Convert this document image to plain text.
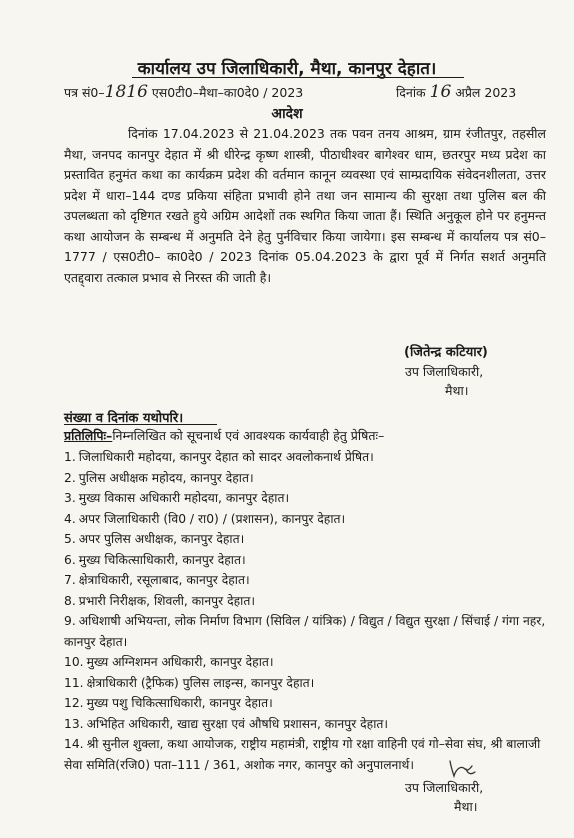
कार्यालय उप जिलाधिकारी, मैथा, कानपुर देहात।
पत्र सं0–1816 एस0टी0–मैथा–का0दे0 / 2023	दिनांक 16 अप्रैल 2023
आदेश

दिनांक 17.04.2023 से 21.04.2023 तक पवन तनय आश्रम, ग्राम रंजीतपुर, तहसील मैथा, जनपद कानपुर देहात में श्री धीरेन्द्र कृष्ण शास्त्री, पीठाधीश्वर बागेश्वर धाम, छतरपुर मध्य प्रदेश का प्रस्तावित हनुमंत कथा का कार्यक्रम प्रदेश की वर्तमान कानून व्यवस्था एवं साम्प्रदायिक संवेदनशीलता, उत्तर प्रदेश में धारा–144 दण्ड प्रकिया संहिता प्रभावी होने तथा जन सामान्य की सुरक्षा तथा पुलिस बल की उपलब्धता को दृष्टिगत रखते हुये अग्रिम आदेशों तक स्थगित किया जाता हैं। स्थिति अनुकूल होने पर हनुमन्त कथा आयोजन के सम्बन्ध में अनुमति देने हेतु पुर्नविचार किया जायेगा। इस सम्बन्ध में कार्यालय पत्र सं0–1777 / एस0टी0– का0दे0 / 2023 दिनांक 05.04.2023 के द्वारा पूर्व में निर्गत सशर्त अनुमति एतद्द्वारा तत्काल प्रभाव से निरस्त की जाती है।

(जितेन्द्र कटियार)
उप जिलाधिकारी,
मैथा।
संख्या व दिनांक यथोपरि।
प्रतिलिपिः–निम्नलिखित को सूचनार्थ एवं आवश्यक कार्यवाही हेतु प्रेषितः–
1. जिलाधिकारी महोदया, कानपुर देहात को सादर अवलोकनार्थ प्रेषित।
2. पुलिस अधीक्षक महोदय, कानपुर देहात।
3. मुख्य विकास अधिकारी महोदया, कानपुर देहात।
4. अपर जिलाधिकारी (वि0 / रा0) / (प्रशासन), कानपुर देहात।
5. अपर पुलिस अधीक्षक, कानपुर देहात।
6. मुख्य चिकित्साधिकारी, कानपुर देहात।
7. क्षेत्राधिकारी, रसूलाबाद, कानपुर देहात।
8. प्रभारी निरीक्षक, शिवली, कानपुर देहात।
9. अधिशाषी अभियन्ता, लोक निर्माण विभाग (सिविल / यांत्रिक) / विद्युत / विद्युत सुरक्षा / सिंचाई / गंगा नहर, कानपुर देहात।
10. मुख्य अग्निशमन अधिकारी, कानपुर देहात।
11. क्षेत्राधिकारी (ट्रैफिक) पुलिस लाइन्स, कानपुर देहात।
12. मुख्य पशु चिकित्साधिकारी, कानपुर देहात।
13. अभिहित अधिकारी, खाद्य सुरक्षा एवं औषधि प्रशासन, कानपुर देहात।
14. श्री सुनील शुक्ला, कथा आयोजक, राष्ट्रीय महामंत्री, राष्ट्रीय गो रक्षा वाहिनी एवं गो–सेवा संघ, श्री बालाजी सेवा समिति(रजि0) पता–111 / 361, अशोक नगर, कानपुर को अनुपालनार्थ।
उप जिलाधिकारी,
मैथा।
